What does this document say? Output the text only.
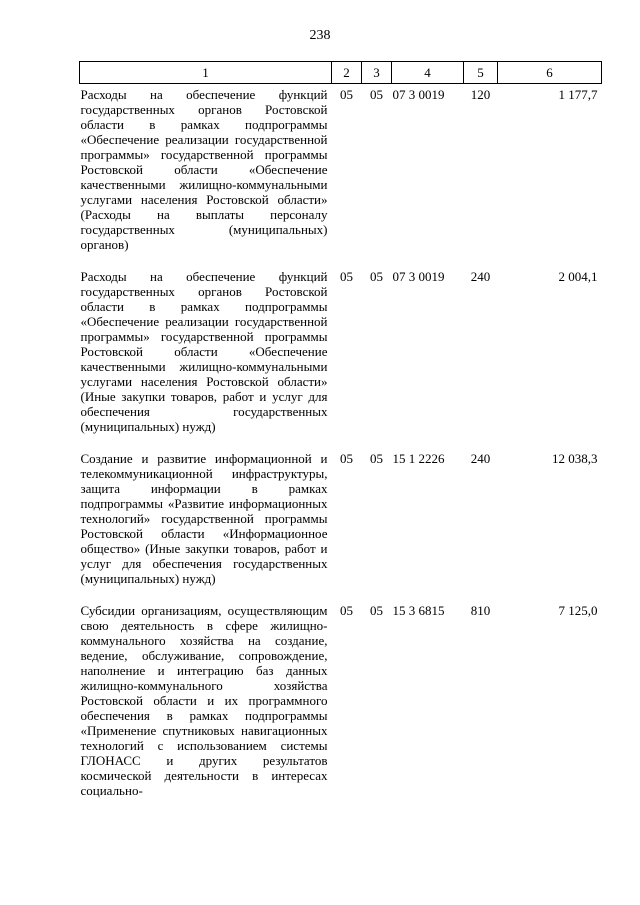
238
1	2	3	4	5	6
Расходы на обеспечение функций государственных органов Ростовской области в рамках подпрограммы «Обеспечение реализации государственной программы» государственной программы Ростовской области «Обеспечение качественными жилищно-коммунальными услугами населения Ростовской области» (Расходы на выплаты персоналу государственных (муниципальных) органов)	05	05	07 3 0019	120	1 177,7
Расходы на обеспечение функций государственных органов Ростовской области в рамках подпрограммы «Обеспечение реализации государственной программы» государственной программы Ростовской области «Обеспечение качественными жилищно-коммунальными услугами населения Ростовской области» (Иные закупки товаров, работ и услуг для обеспечения государственных (муниципальных) нужд)	05	05	07 3 0019	240	2 004,1
Создание и развитие информационной и телекоммуникационной инфраструктуры, защита информации в рамках подпрограммы «Развитие информационных технологий» государственной программы Ростовской области «Информационное общество» (Иные закупки товаров, работ и услуг для обеспечения государственных (муниципальных) нужд)	05	05	15 1 2226	240	12 038,3
Субсидии организациям, осуществляющим свою деятельность в сфере жилищно-коммунального хозяйства на создание, ведение, обслуживание, сопровождение, наполнение и интеграцию баз данных жилищно-коммунального хозяйства Ростовской области и их программного обеспечения в рамках подпрограммы «Применение спутниковых навигационных технологий с использованием системы ГЛОНАСС и других результатов космической деятельности в интересах социально-	05	05	15 3 6815	810	7 125,0
